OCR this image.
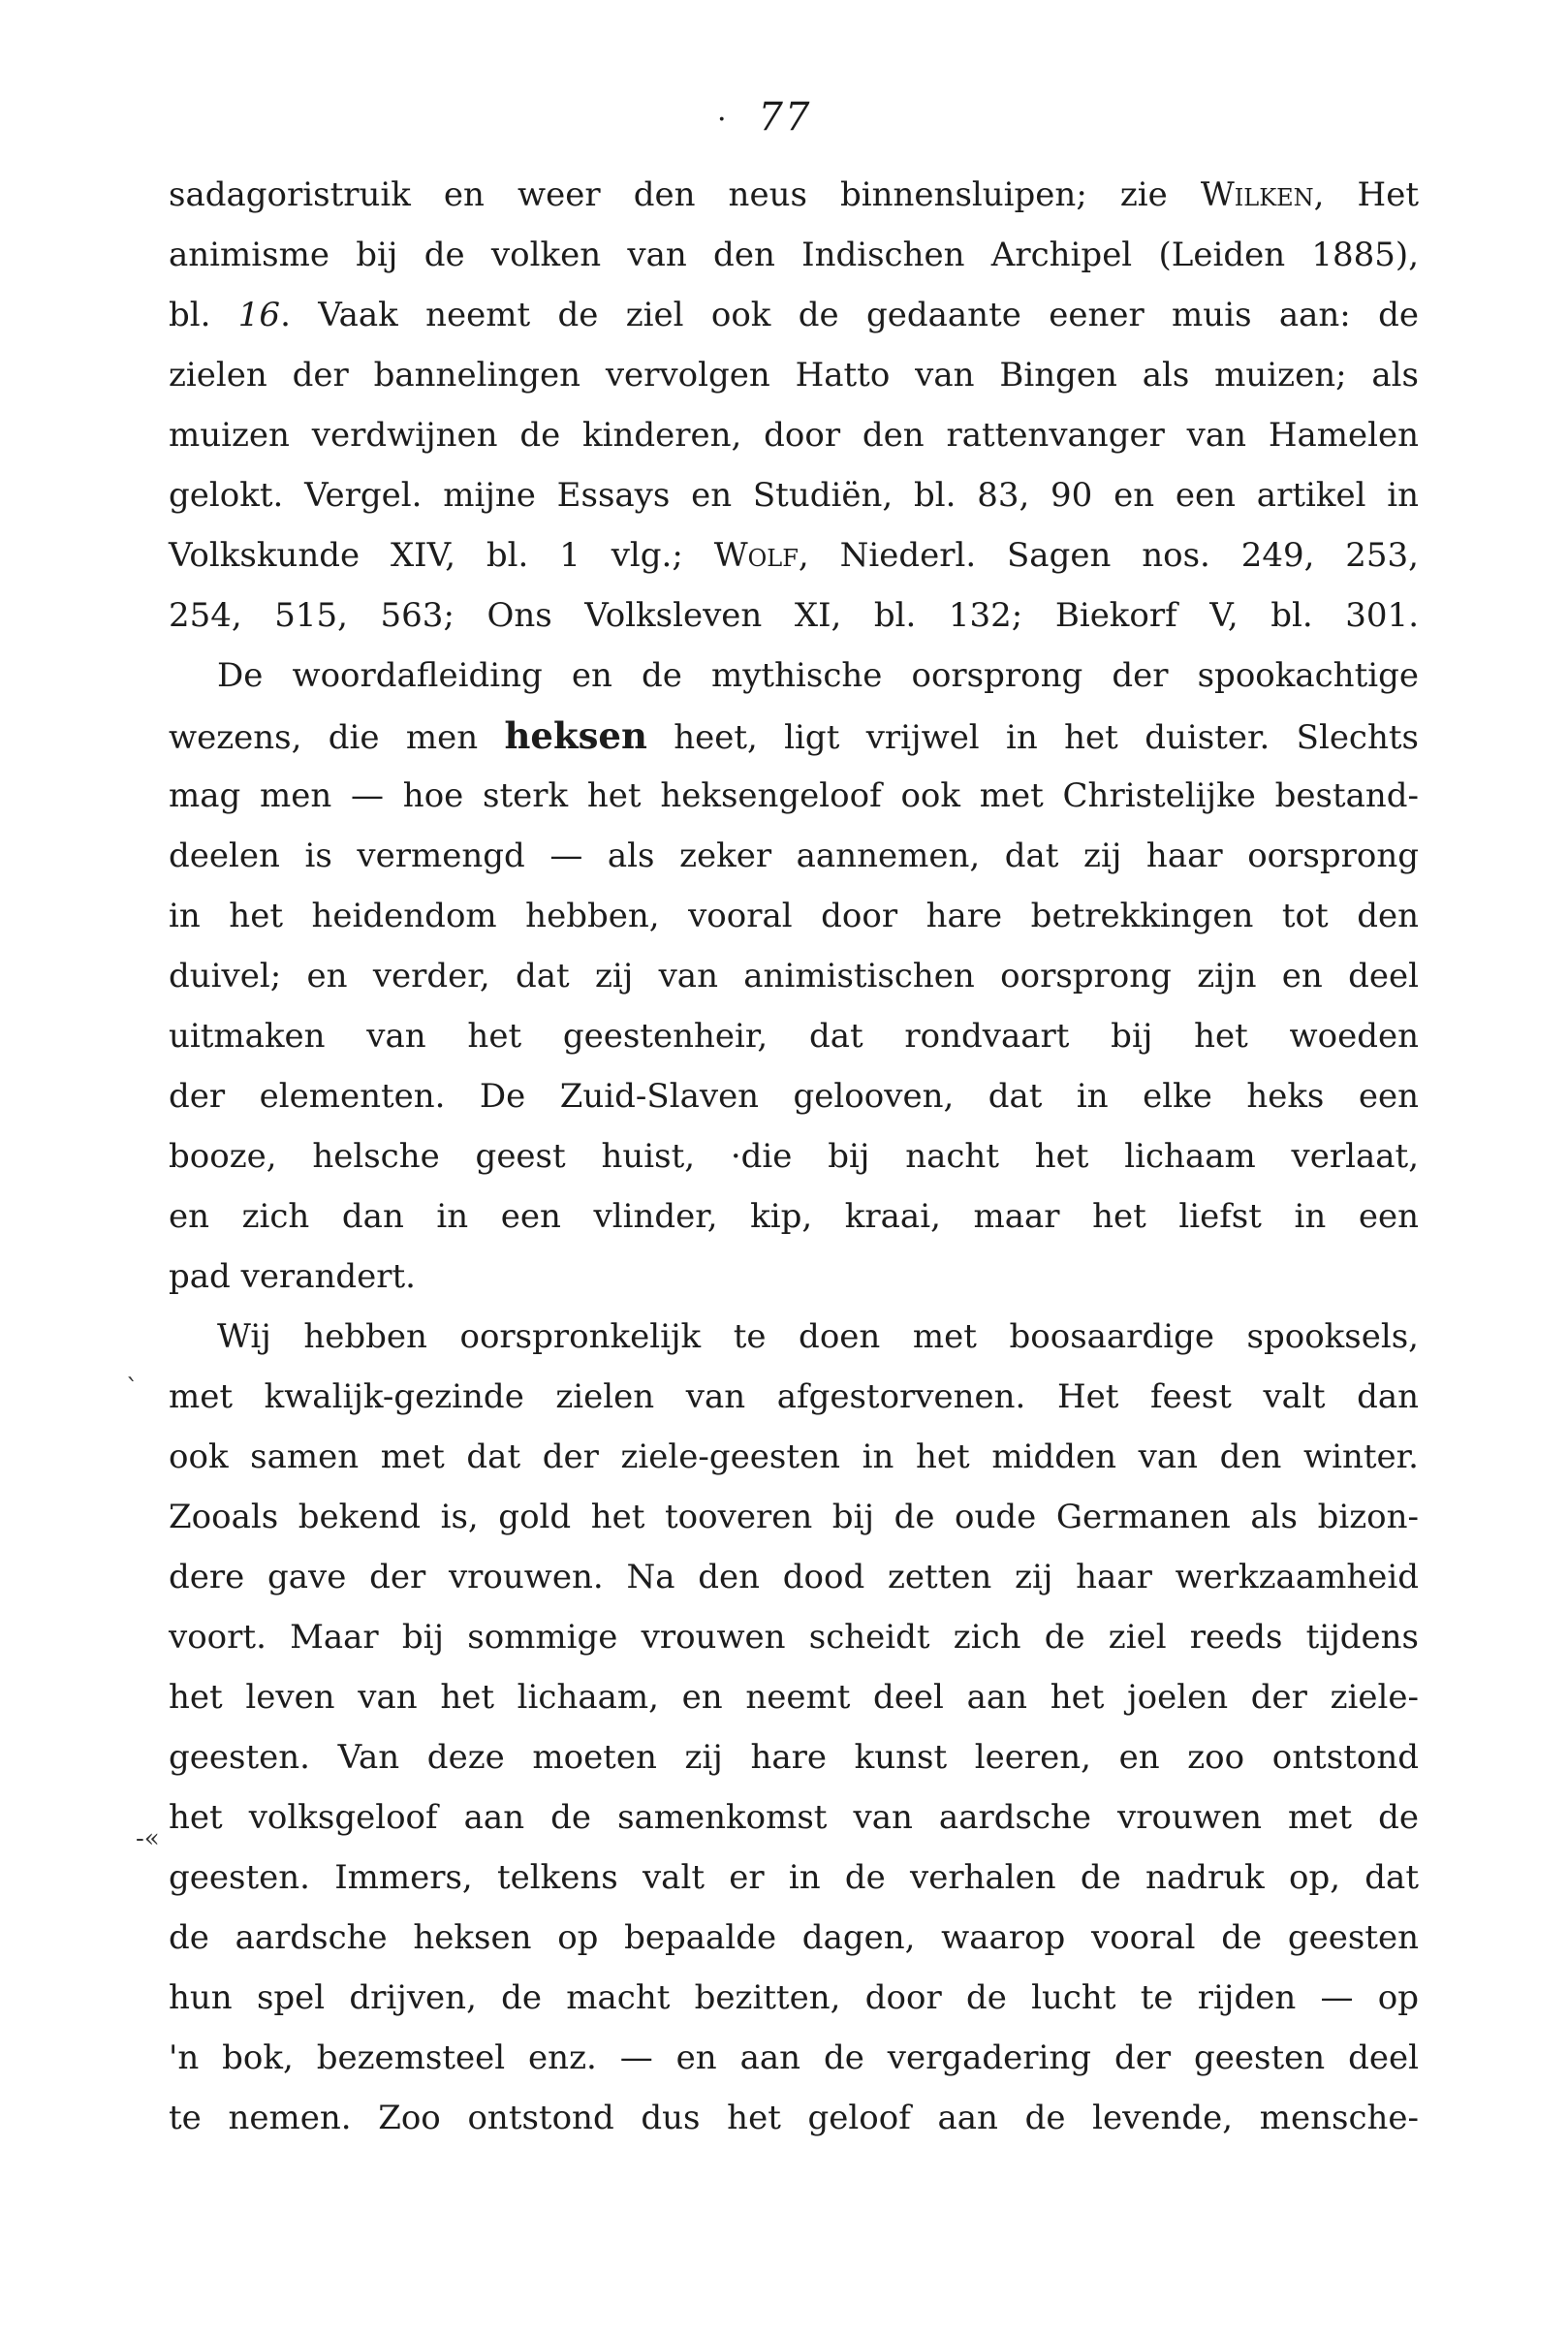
· 77
ˋ
-«
sadagoristruik en weer den neus binnensluipen; zie Wilken, Het
animisme bij de volken van den Indischen Archipel (Leiden 1885),
bl. 16. Vaak neemt de ziel ook de gedaante eener muis aan: de
zielen der bannelingen vervolgen Hatto van Bingen als muizen; als
muizen verdwijnen de kinderen, door den rattenvanger van Hamelen
gelokt. Vergel. mijne Essays en Studiën, bl. 83, 90 en een artikel in
Volkskunde XIV, bl. 1 vlg.; Wolf, Niederl. Sagen nos. 249, 253,
254, 515, 563; Ons Volksleven XI, bl. 132; Biekorf V, bl. 301.
De woordafleiding en de mythische oorsprong der spookachtige
wezens, die men heksen heet, ligt vrijwel in het duister. Slechts
mag men — hoe sterk het heksengeloof ook met Christelijke bestand-
deelen is vermengd — als zeker aannemen, dat zij haar oorsprong
in het heidendom hebben, vooral door hare betrekkingen tot den
duivel; en verder, dat zij van animistischen oorsprong zijn en deel
uitmaken van het geestenheir, dat rondvaart bij het woeden
der elementen. De Zuid-Slaven gelooven, dat in elke heks een
booze, helsche geest huist, ·die bij nacht het lichaam verlaat,
en zich dan in een vlinder, kip, kraai, maar het liefst in een
pad verandert.
Wij hebben oorspronkelijk te doen met boosaardige spooksels,
met kwalijk-gezinde zielen van afgestorvenen. Het feest valt dan
ook samen met dat der ziele-geesten in het midden van den winter.
Zooals bekend is, gold het tooveren bij de oude Germanen als bizon-
dere gave der vrouwen. Na den dood zetten zij haar werkzaamheid
voort. Maar bij sommige vrouwen scheidt zich de ziel reeds tijdens
het leven van het lichaam, en neemt deel aan het joelen der ziele-
geesten. Van deze moeten zij hare kunst leeren, en zoo ontstond
het volksgeloof aan de samenkomst van aardsche vrouwen met de
geesten. Immers, telkens valt er in de verhalen de nadruk op, dat
de aardsche heksen op bepaalde dagen, waarop vooral de geesten
hun spel drijven, de macht bezitten, door de lucht te rijden — op
'n bok, bezemsteel enz. — en aan de vergadering der geesten deel
te nemen. Zoo ontstond dus het geloof aan de levende, mensche-
